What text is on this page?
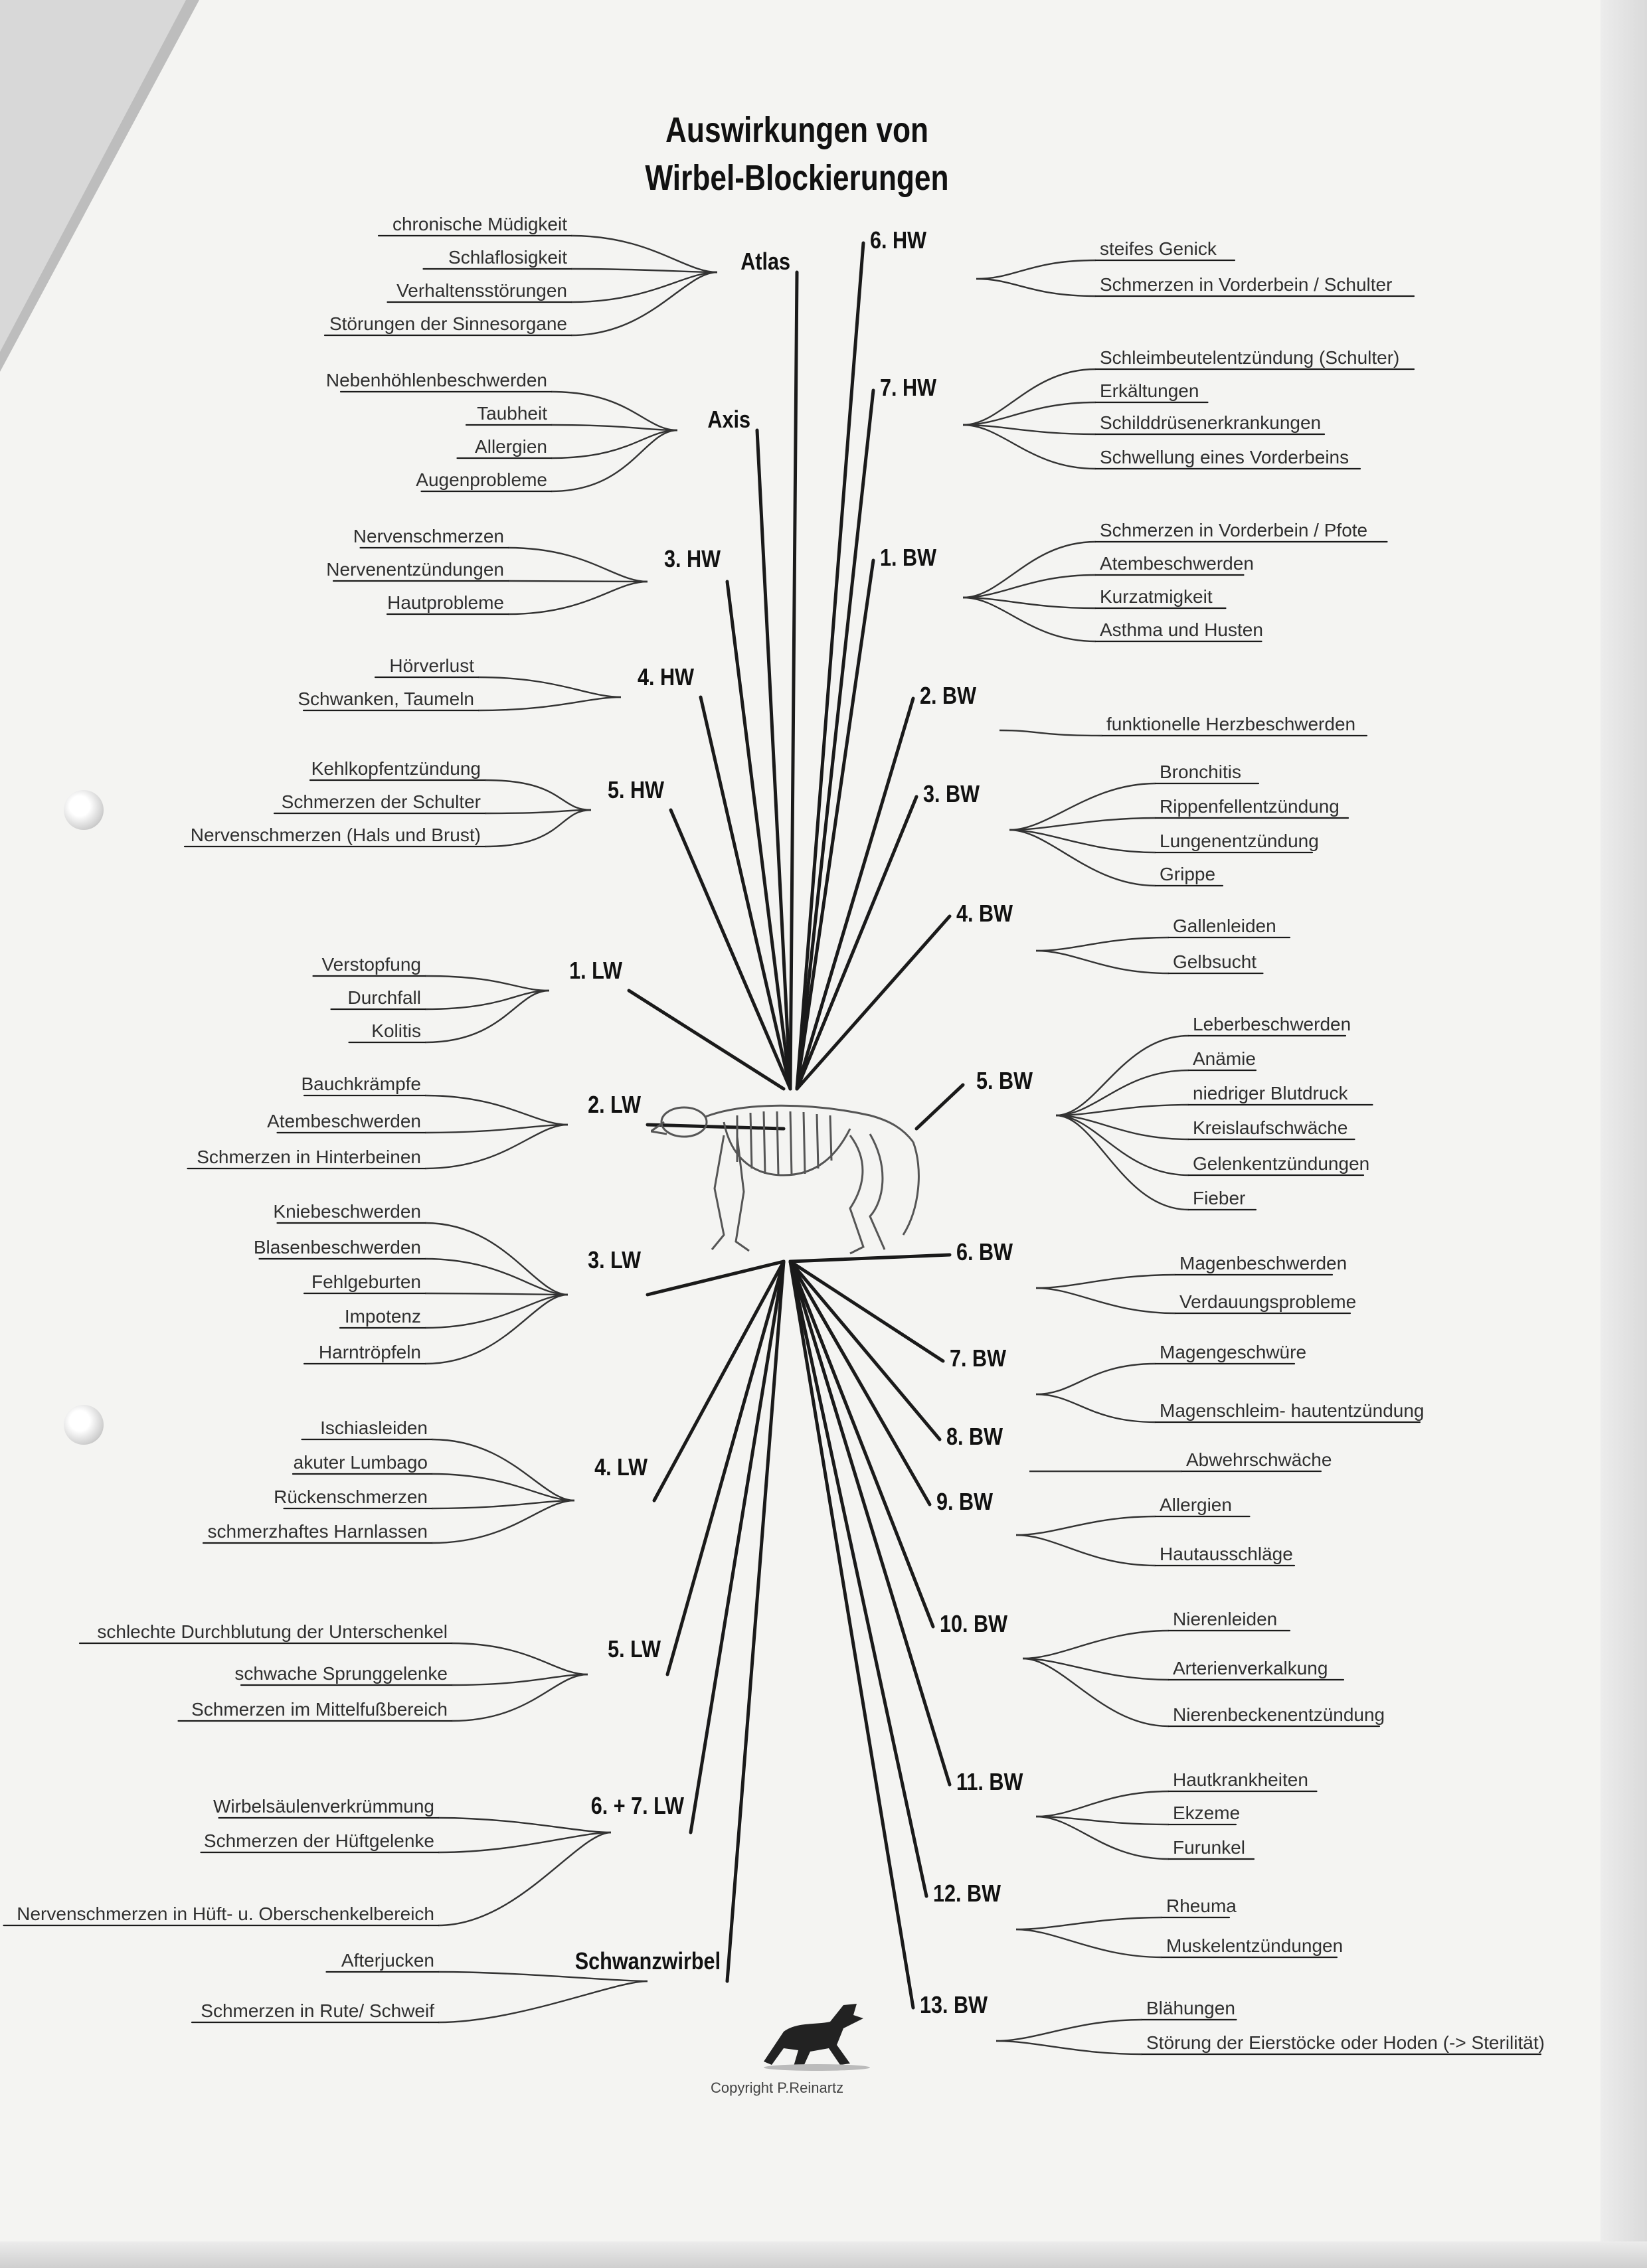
Auswirkungen von
Wirbel-Blockierungen
Copyright P.Reinartz
Atlas
chronische Müdigkeit
Schlaflosigkeit
Verhaltensstörungen
Störungen der Sinnesorgane
Axis
Nebenhöhlenbeschwerden
Taubheit
Allergien
Augenprobleme
3. HW
Nervenschmerzen
Nervenentzündungen
Hautprobleme
4. HW
Hörverlust
Schwanken, Taumeln
5. HW
Kehlkopfentzündung
Schmerzen der Schulter
Nervenschmerzen (Hals und Brust)
1. LW
Verstopfung
Durchfall
Kolitis
2. LW
Bauchkrämpfe
Atembeschwerden
Schmerzen in Hinterbeinen
3. LW
Kniebeschwerden
Blasenbeschwerden
Fehlgeburten
Impotenz
Harntröpfeln
4. LW
Ischiasleiden
akuter Lumbago
Rückenschmerzen
schmerzhaftes Harnlassen
5. LW
schlechte Durchblutung der Unterschenkel
schwache Sprunggelenke
Schmerzen im Mittelfußbereich
6. + 7. LW
Wirbelsäulenverkrümmung
Schmerzen der Hüftgelenke
Nervenschmerzen in Hüft- u. Oberschenkelbereich
Schwanzwirbel
Afterjucken
Schmerzen in Rute/ Schweif
6. HW	steifes Genick
Schmerzen in Vorderbein / Schulter
7. HW
Schleimbeutelentzündung (Schulter)
Erkältungen
Schilddrüsenerkrankungen
Schwellung eines Vorderbeins
1. BW
Schmerzen in Vorderbein / Pfote
Atembeschwerden
Kurzatmigkeit
Asthma und Husten
2. BW
funktionelle Herzbeschwerden
3. BW
Bronchitis
Rippenfellentzündung
Lungenentzündung
Grippe
4. BW	Gallenleiden
Gelbsucht
5. BW
Leberbeschwerden
Anämie
niedriger Blutdruck
Kreislaufschwäche
Gelenkentzündungen
Fieber
6. BW	Magenbeschwerden
Verdauungsprobleme
7. BW	Magengeschwüre
Magenschleim- hautentzündung
8. BW
Abwehrschwäche
9. BW	Allergien
Hautausschläge
10. BW	Nierenleiden
Arterienverkalkung
Nierenbeckenentzündung
11. BW	Hautkrankheiten
Ekzeme
Furunkel
12. BW	Rheuma
Muskelentzündungen
13. BW	Blähungen
Störung der Eierstöcke oder Hoden (-> Sterilität)
